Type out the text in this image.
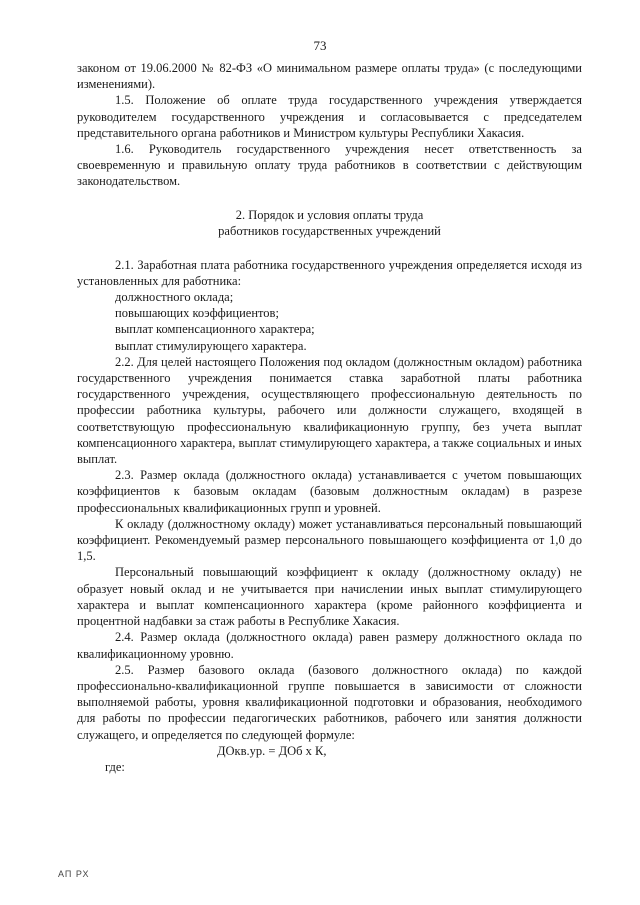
73

законом от 19.06.2000 № 82-ФЗ «О минимальном размере оплаты труда» (с последующими изменениями).

1.5. Положение об оплате труда государственного учреждения утверждается руководителем государственного учреждения и согласовывается с председателем представительного органа работников и Министром культуры Республики Хакасия.

1.6. Руководитель государственного учреждения несет ответственность за своевременную и правильную оплату труда работников в соответствии с действующим законодательством.

2. Порядок и условия оплаты труда
работников государственных учреждений

2.1. Заработная плата работника государственного учреждения определяется исходя из установленных для работника:

должностного оклада;

повышающих коэффициентов;

выплат компенсационного характера;

выплат стимулирующего характера.

2.2. Для целей настоящего Положения под окладом (должностным окладом) работника государственного учреждения понимается ставка заработной платы работника государственного учреждения, осуществляющего профессиональную деятельность по профессии работника культуры, рабочего или должности служащего, входящей в соответствующую профессиональную квалификационную группу, без учета выплат компенсационного характера, выплат стимулирующего характера, а также социальных и иных выплат.

2.3. Размер оклада (должностного оклада) устанавливается с учетом повышающих коэффициентов к базовым окладам (базовым должностным окладам) в разрезе профессиональных квалификационных групп и уровней.

К окладу (должностному окладу) может устанавливаться персональный повышающий коэффициент. Рекомендуемый размер персонального повышающего коэффициента от 1,0 до 1,5.

Персональный повышающий коэффициент к окладу (должностному окладу) не образует новый оклад и не учитывается при начислении иных выплат стимулирующего характера и выплат компенсационного характера (кроме районного коэффициента и процентной надбавки за стаж работы в Республике Хакасия.

2.4. Размер оклада (должностного оклада) равен размеру должностного оклада по квалификационному уровню.

2.5. Размер базового оклада (базового должностного оклада) по каждой профессионально-квалификационной группе повышается в зависимости от сложности выполняемой работы, уровня квалификационной подготовки и образования, необходимого для работы по профессии педагогических работников, рабочего или занятия должности служащего, и определяется по следующей формуле:

ДОкв.ур. = ДОб х К,

где:

АП РХ
